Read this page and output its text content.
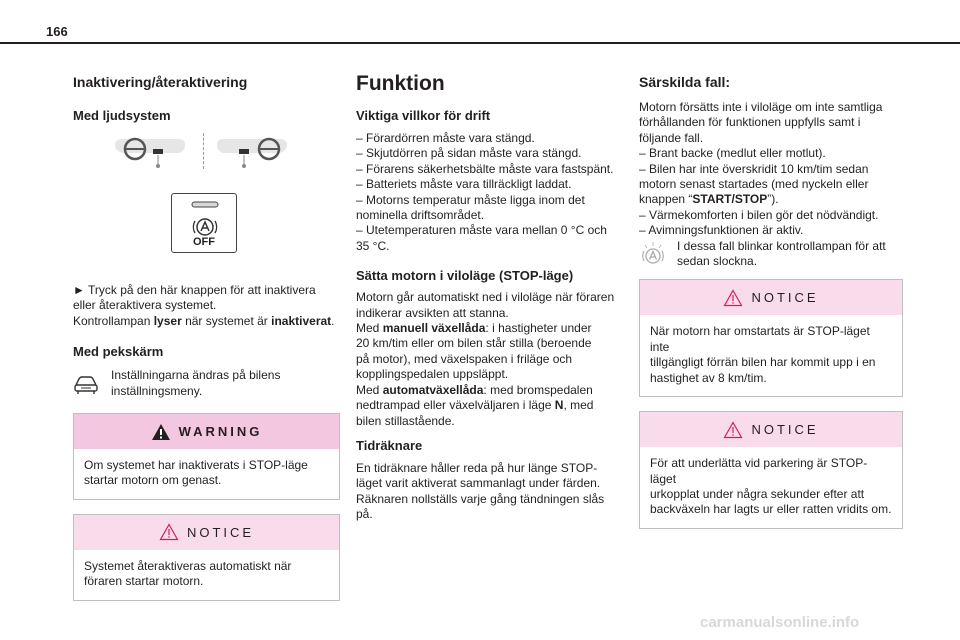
166
Inaktivering/återaktivering
Med ljudsystem
OFF
► Tryck på den här knappen för att inaktivera
eller återaktivera systemet.
Kontrollampan lyser när systemet är inaktiverat.
Med pekskärm
Inställningarna ändras på bilens
inställningsmeny.
WARNING
Om systemet har inaktiverats i STOP-läge
startar motorn om genast.
NOTICE
Systemet återaktiveras automatiskt när
föraren startar motorn.
Funktion
Viktiga villkor för drift
– Förardörren måste vara stängd.
– Skjutdörren på sidan måste vara stängd.
– Förarens säkerhetsbälte måste vara fastspänt.
– Batteriets måste vara tillräckligt laddat.
– Motorns temperatur måste ligga inom det
nominella driftsområdet.
– Utetemperaturen måste vara mellan 0 °C och
35 °C.
Sätta motorn i viloläge (STOP-läge)
Motorn går automatiskt ned i viloläge när föraren
indikerar avsikten att stanna.
Med manuell växellåda: i hastigheter under
20 km/tim eller om bilen står stilla (beroende
på motor), med växelspaken i friläge och
kopplingspedalen uppsläppt.
Med automatväxellåda: med bromspedalen
nedtrampad eller växelväljaren i läge N, med
bilen stillastående.
Tidräknare
En tidräknare håller reda på hur länge STOP-
läget varit aktiverat sammanlagt under färden.
Räknaren nollställs varje gång tändningen slås
på.
Särskilda fall:
Motorn försätts inte i viloläge om inte samtliga
förhållanden för funktionen uppfylls samt i
följande fall.
– Brant backe (medlut eller motlut).
– Bilen har inte överskridit 10 km/tim sedan
motorn senast startades (med nyckeln eller
knappen “START/STOP”).
– Värmekomforten i bilen gör det nödvändigt.
– Avimningsfunktionen är aktiv.
I dessa fall blinkar kontrollampan för att
sedan slockna.
NOTICE
När motorn har omstartats är STOP-läget inte
tillgängligt förrän bilen har kommit upp i en
hastighet av 8 km/tim.
NOTICE
För att underlätta vid parkering är STOP-läget
urkopplat under några sekunder efter att
backväxeln har lagts ur eller ratten vridits om.
carmanualsonline.info
